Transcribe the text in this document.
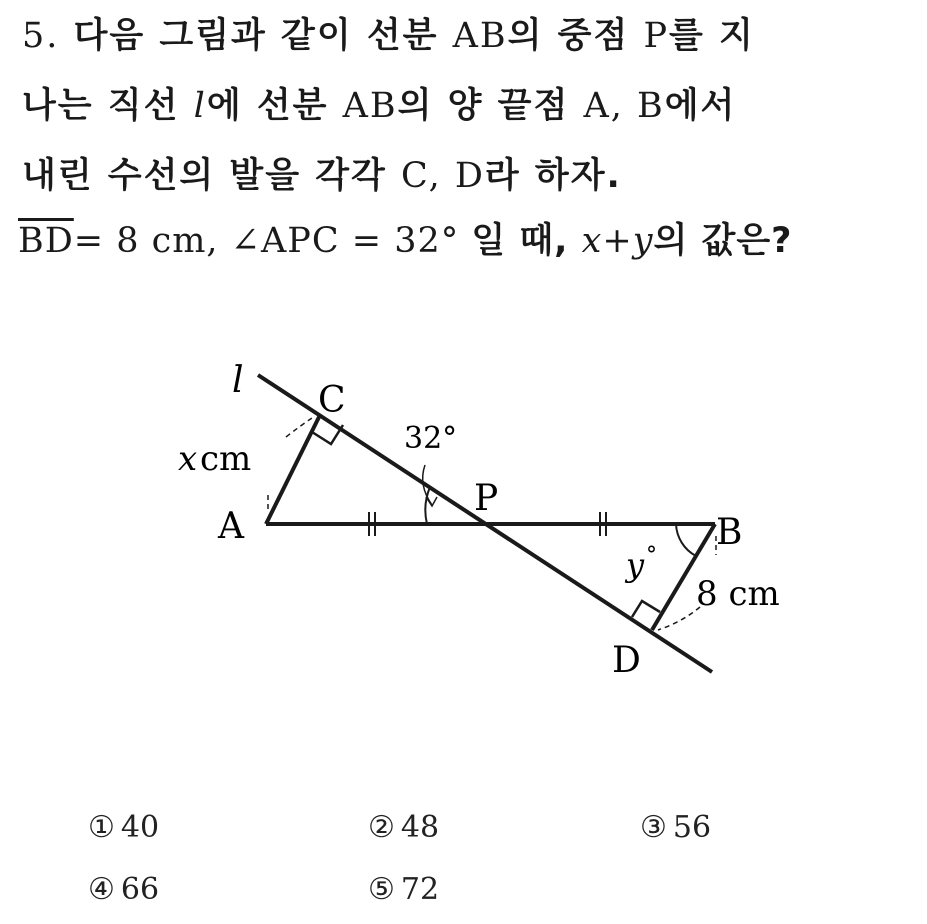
5. 다음 그림과 같이 선분 AB의 중점 P를 지
나는 직선 l에 선분 AB의 양 끝점 A, B에서
내린 수선의 발을 각각 C, D라 하자.
$\overline{BD}= 8$ cm, ∠APC = 32° 일 때, x+y의 값은?
l C
32°
x cm
A
P
B
y °
8 cm
D
① 40	② 48	③ 56
④ 66	⑤ 72
